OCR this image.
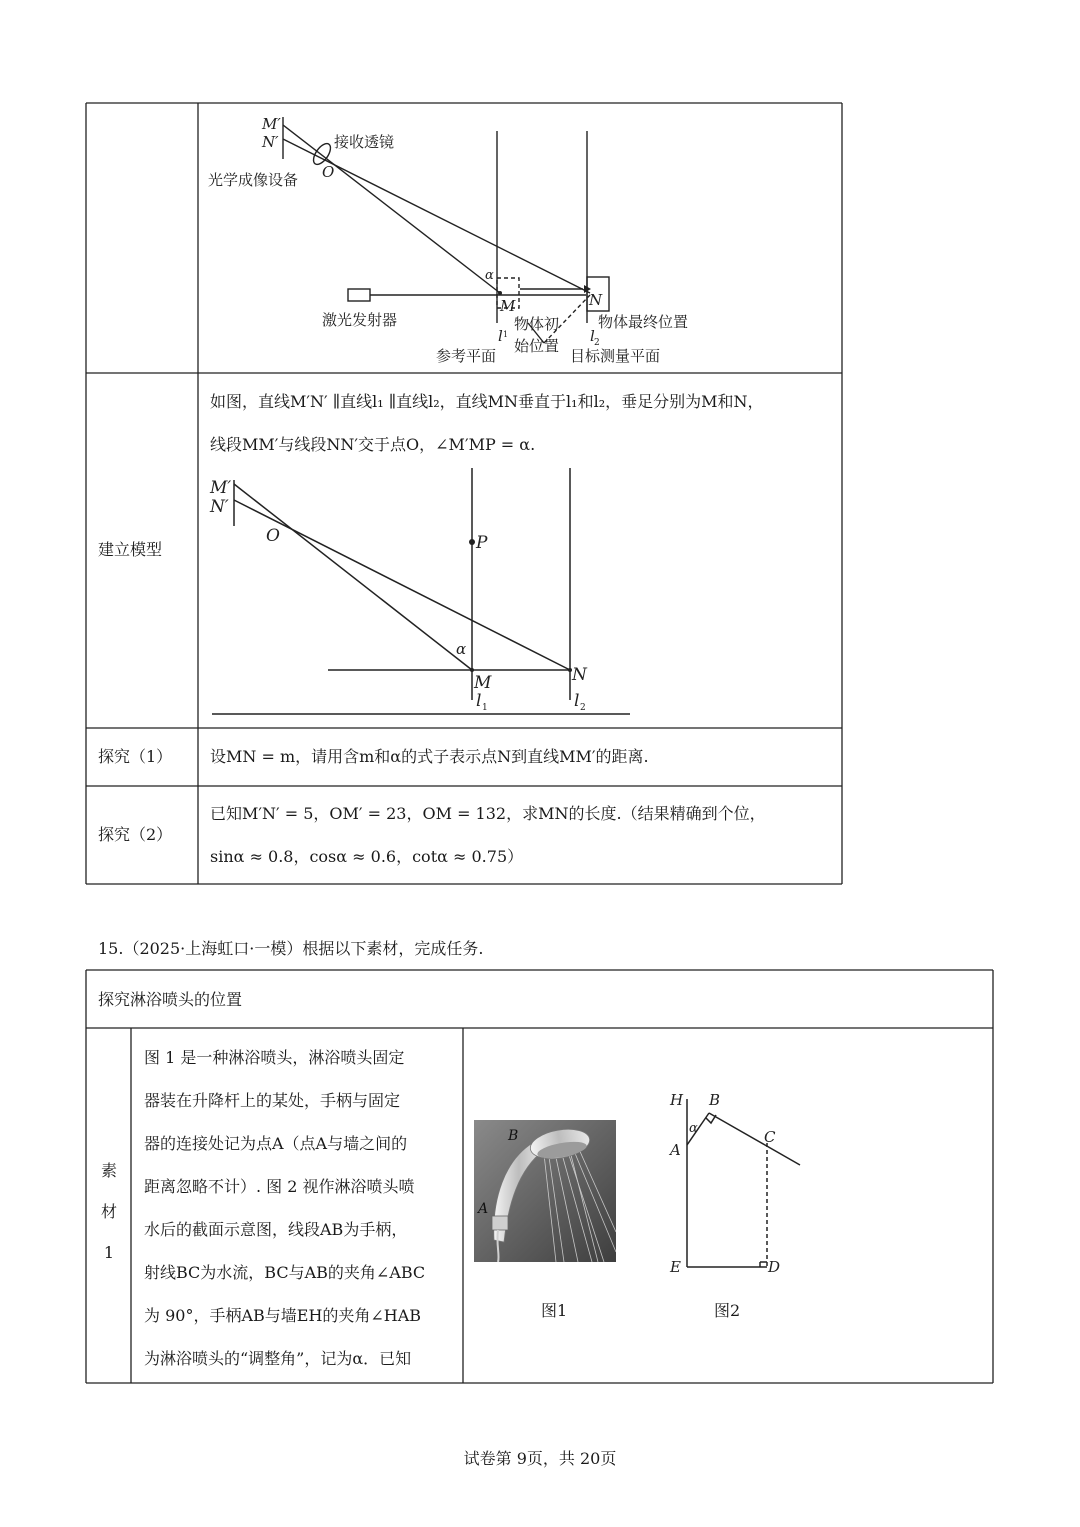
M′
N′	接收透镜
光学成像设备 O
激光发射器
α
M	N
l 1	l 2
物体初
始位置
物体最终位置
参考平面	目标测量平面
建立模型
如图，直线M′N′ ∥直线l₁ ∥直线l₂，直线MN垂直于l₁和l₂，垂足分别为M和N，
线段MM′与线段NN′交于点O，∠M′MP = α.
M′
N′
O	P
α
M	N
l	l
1	2
探究（1） 设MN = m，请用含m和α的式子表示点N到直线MM′的距离.
探究（2）
已知M′N′ = 5，OM′ = 23，OM = 132，求MN的长度.（结果精确到个位，
sinα ≈ 0.8，cosα ≈ 0.6，cotα ≈ 0.75）
15.（2025·上海虹口·一模）根据以下素材，完成任务.
探究淋浴喷头的位置
素
材
1
图 1 是一种淋浴喷头，淋浴喷头固定
器装在升降杆上的某处，手柄与固定
器的连接处记为点A（点A与墙之间的
距离忽略不计）. 图 2 视作淋浴喷头喷
水后的截面示意图，线段AB为手柄，
射线BC为水流，BC与AB的夹角∠ABC
为 90°，手柄AB与墙EH的夹角∠HAB
为淋浴喷头的“调整角”，记为α．已知
B
A
H B
α
A
C
E	D
图1	图2
试卷第 9页，共 20页
